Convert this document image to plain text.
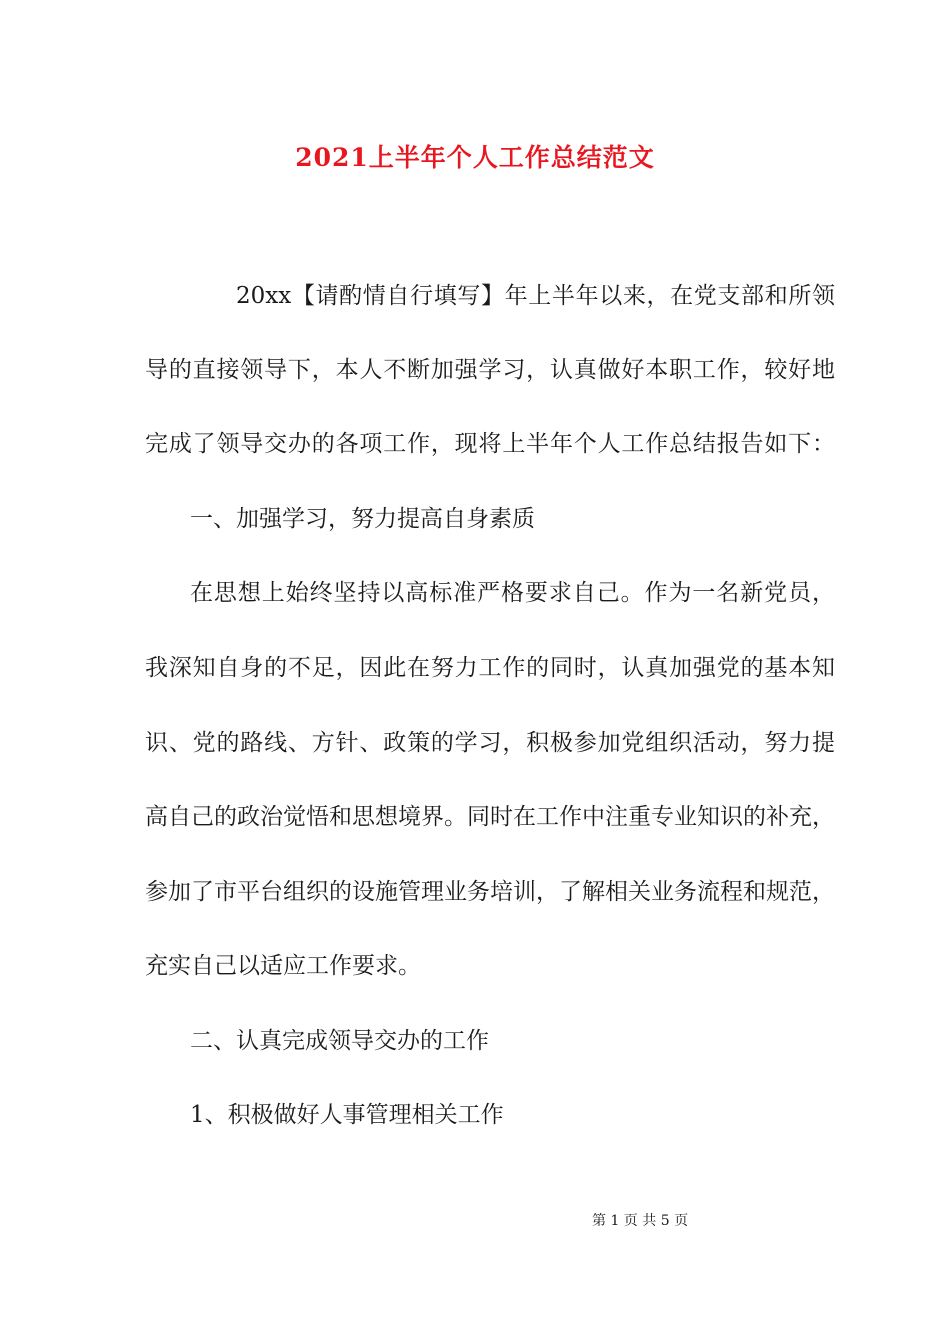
2021上半年个人工作总结范文
20xx【请酌情自行填写】年上半年以来，在党支部和所领
导的直接领导下，本人不断加强学习，认真做好本职工作，较好地
完成了领导交办的各项工作，现将上半年个人工作总结报告如下：
一、加强学习，努力提高自身素质
在思想上始终坚持以高标准严格要求自己。作为一名新党员，
我深知自身的不足，因此在努力工作的同时，认真加强党的基本知
识、党的路线、方针、政策的学习，积极参加党组织活动，努力提
高自己的政治觉悟和思想境界。同时在工作中注重专业知识的补充，
参加了市平台组织的设施管理业务培训，了解相关业务流程和规范，
充实自己以适应工作要求。
二、认真完成领导交办的工作
1、积极做好人事管理相关工作
第 1 页 共 5 页
